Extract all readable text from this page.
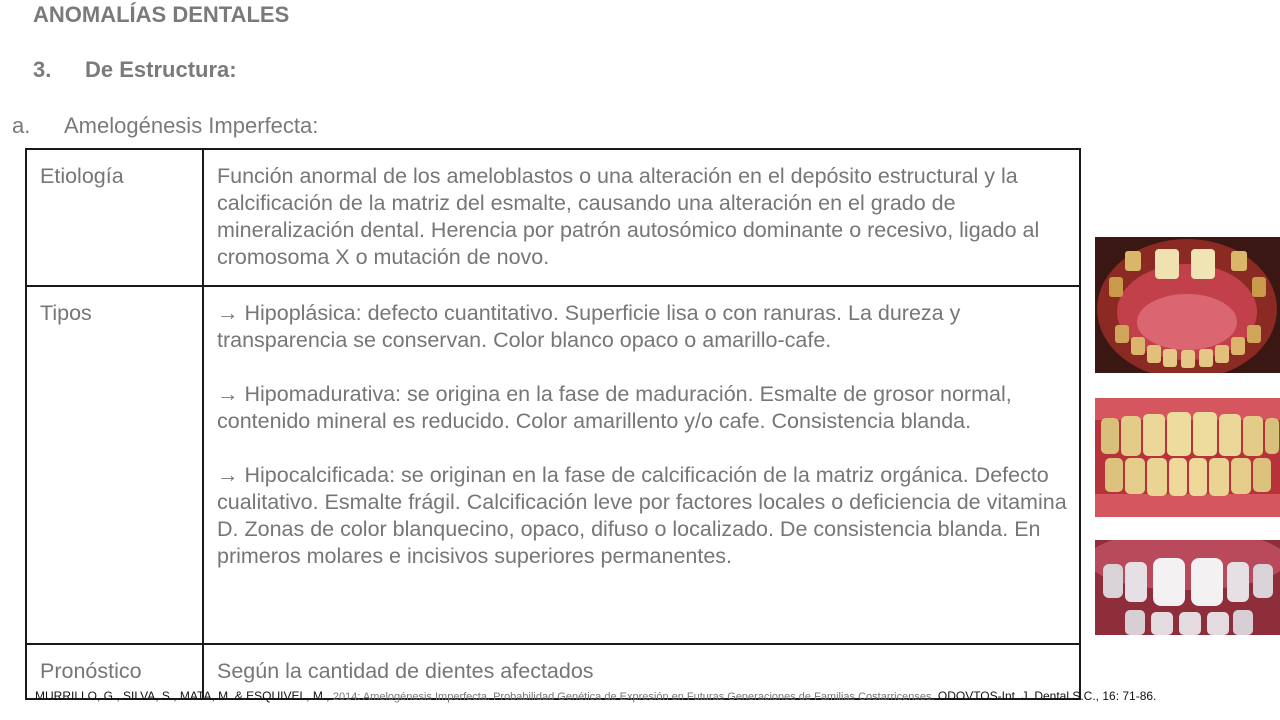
ANOMALÍAS DENTALES
3. De Estructura:
a. Amelogénesis Imperfecta:
Etiología	Función anormal de los ameloblastos o una alteración en el depósito estructural y la calcificación de la matriz del esmalte, causando una alteración en el grado de mineralización dental. Herencia por patrón autosómico dominante o recesivo, ligado al cromosoma X o mutación de novo.
Tipos	→ Hipoplásica: defecto cuantitativo. Superficie lisa o con ranuras. La dureza y transparencia se conservan. Color blanco opaco o amarillo-cafe.

→ Hipomadurativa: se origina en la fase de maduración. Esmalte de grosor normal, contenido mineral es reducido. Color amarillento y/o cafe. Consistencia blanda.

→ Hipocalcificada: se originan en la fase de calcificación de la matriz orgánica. Defecto cualitativo. Esmalte frágil. Calcificación leve por factores locales o deficiencia de vitamina D. Zonas de color blanquecino, opaco, difuso o localizado. De consistencia blanda. En primeros molares e incisivos superiores permanentes.

Pronóstico	Según la cantidad de dientes afectados
MURRILLO, G., SILVA, S., MATA, M. & ESQUIVEL, M., 2014: Amelogénesis Imperfecta. Probabilidad Genética de Expresión en Futuras Generaciones de Familias Costarricenses. ODOVTOS-Int. J. Dental S.C., 16: 71-86.
